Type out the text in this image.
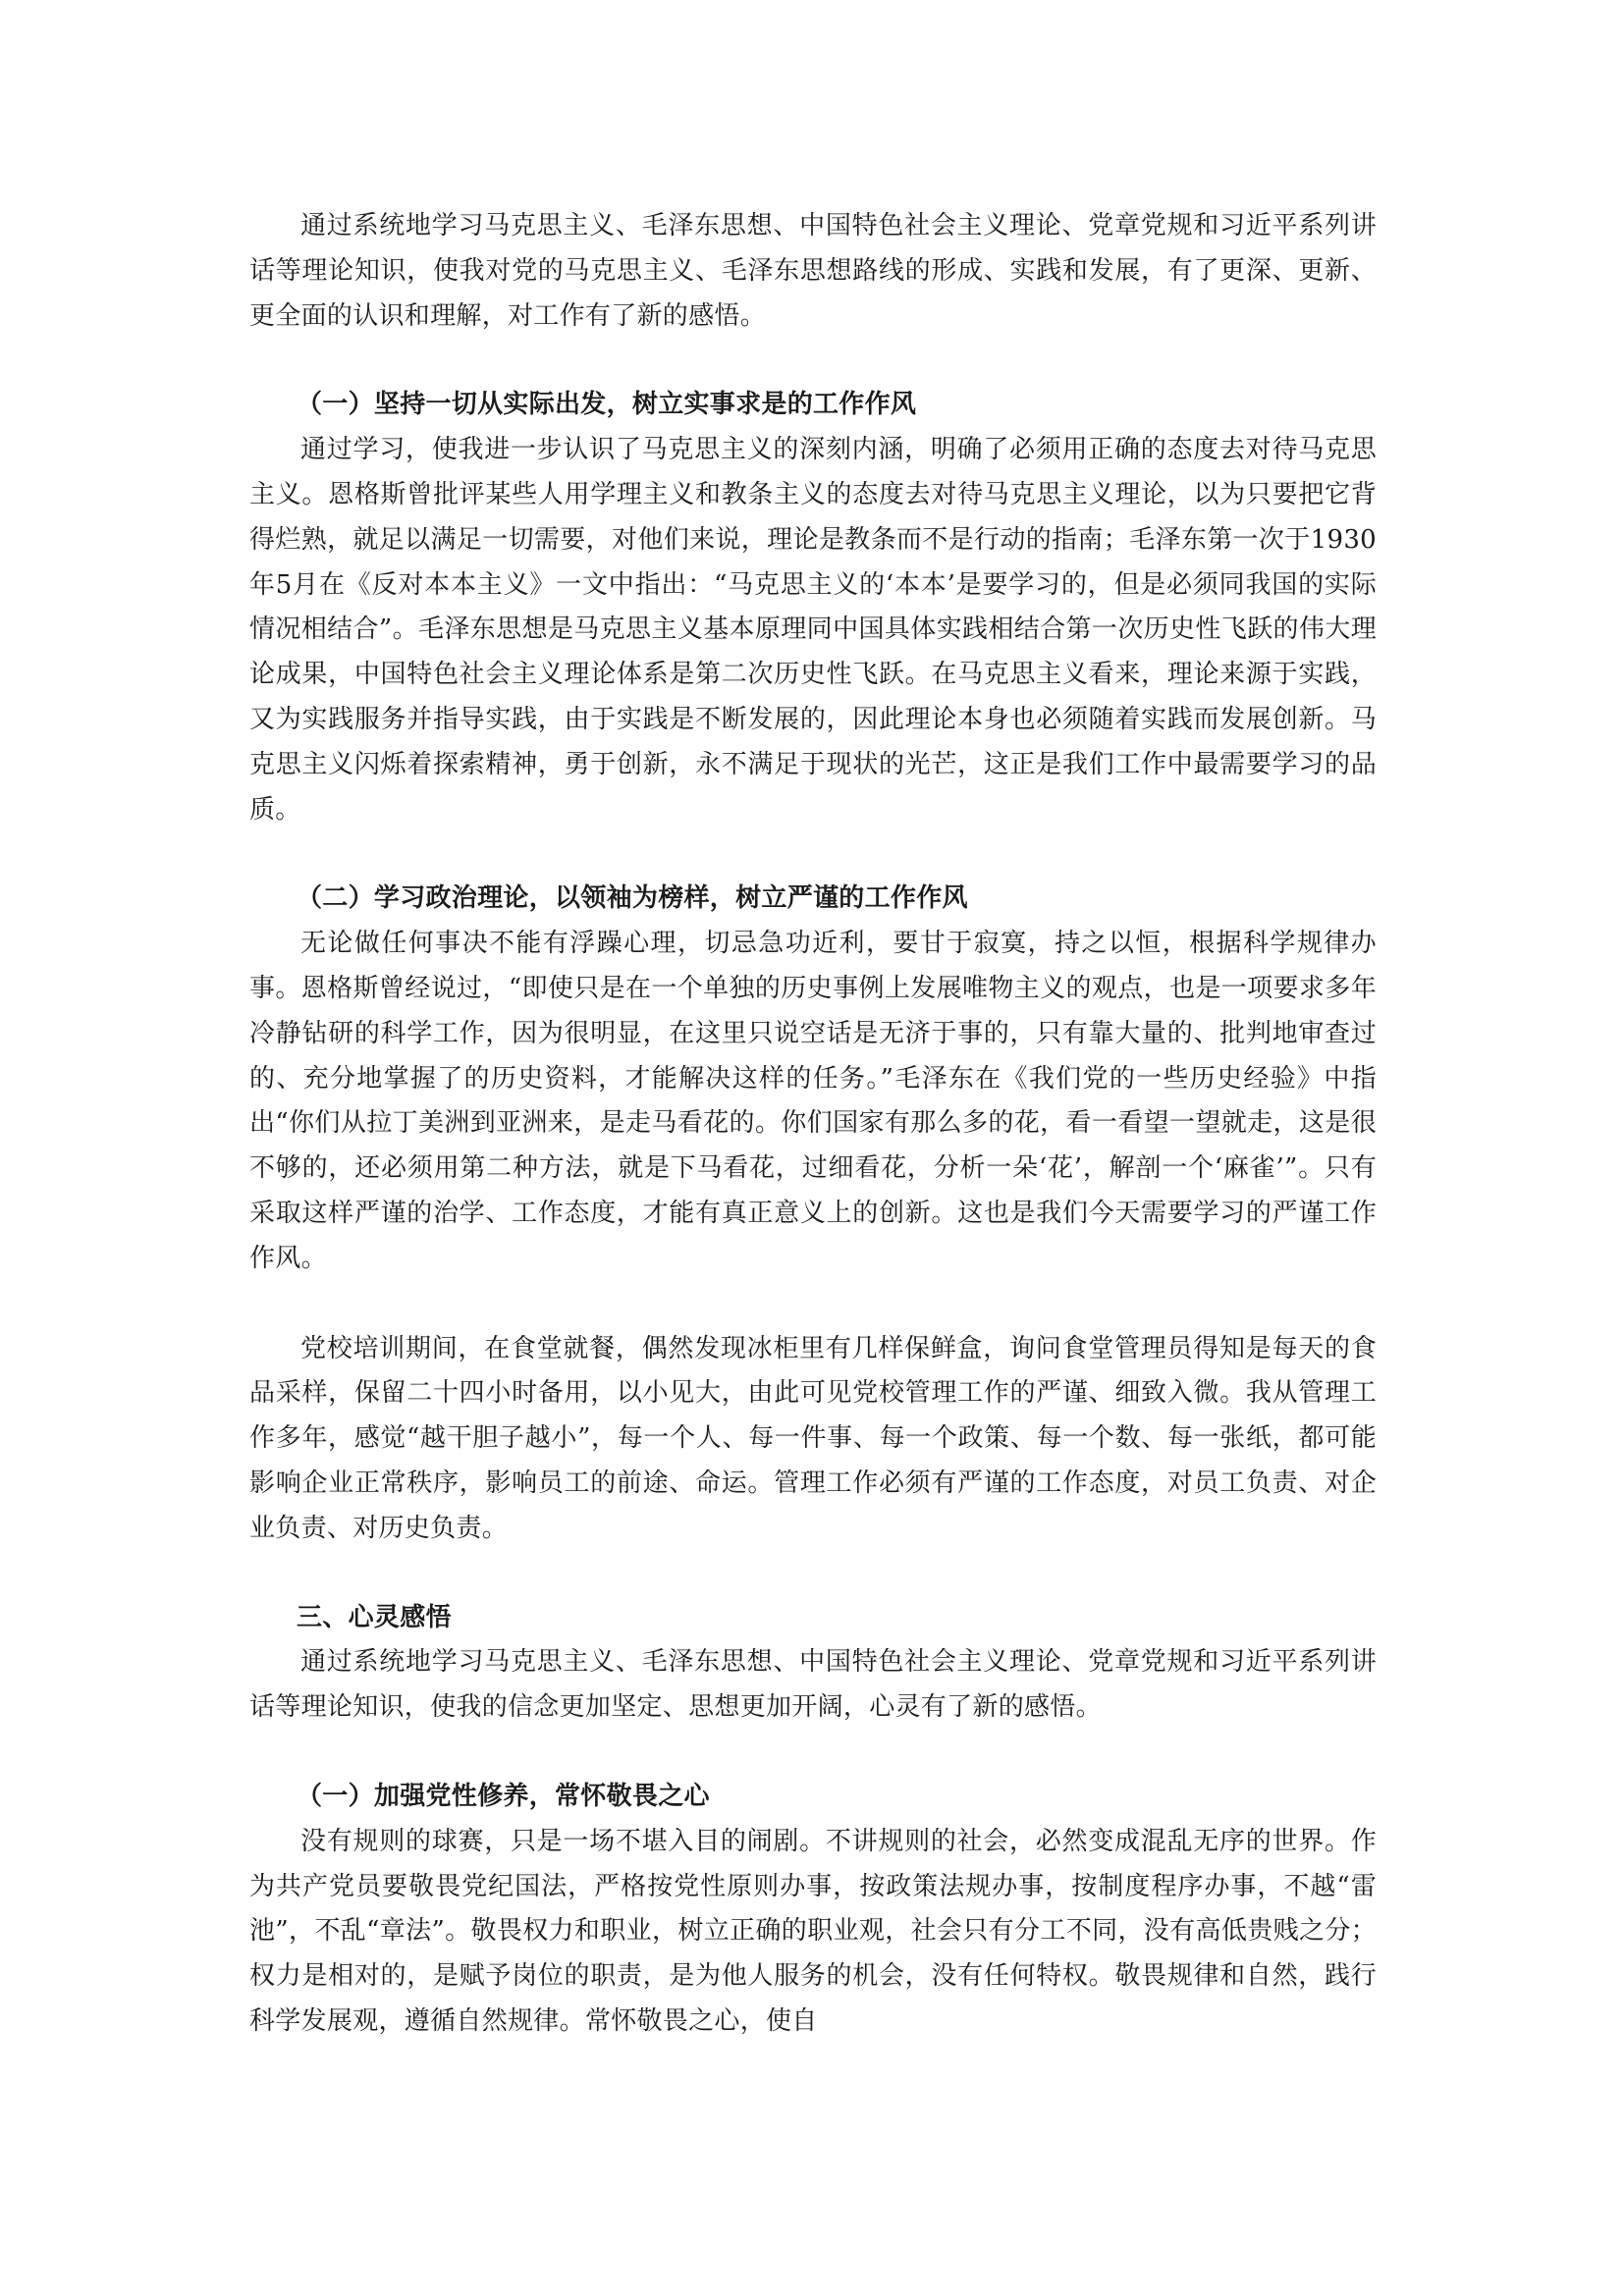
通过系统地学习马克思主义、毛泽东思想、中国特色社会主义理论、党章党规和习近平系列讲话等理论知识，使我对党的马克思主义、毛泽东思想路线的形成、实践和发展，有了更深、更新、更全面的认识和理解，对工作有了新的感悟。

（一）坚持一切从实际出发，树立实事求是的工作作风

通过学习，使我进一步认识了马克思主义的深刻内涵，明确了必须用正确的态度去对待马克思主义。恩格斯曾批评某些人用学理主义和教条主义的态度去对待马克思主义理论，以为只要把它背得烂熟，就足以满足一切需要，对他们来说，理论是教条而不是行动的指南；毛泽东第一次于1930年5月在《反对本本主义》一文中指出：“马克思主义的‘本本’是要学习的，但是必须同我国的实际情况相结合”。毛泽东思想是马克思主义基本原理同中国具体实践相结合第一次历史性飞跃的伟大理论成果，中国特色社会主义理论体系是第二次历史性飞跃。在马克思主义看来，理论来源于实践，又为实践服务并指导实践，由于实践是不断发展的，因此理论本身也必须随着实践而发展创新。马克思主义闪烁着探索精神，勇于创新，永不满足于现状的光芒，这正是我们工作中最需要学习的品质。

（二）学习政治理论，以领袖为榜样，树立严谨的工作作风

无论做任何事决不能有浮躁心理，切忌急功近利，要甘于寂寞，持之以恒，根据科学规律办事。恩格斯曾经说过，“即使只是在一个单独的历史事例上发展唯物主义的观点，也是一项要求多年冷静钻研的科学工作，因为很明显，在这里只说空话是无济于事的，只有靠大量的、批判地审查过的、充分地掌握了的历史资料，才能解决这样的任务。”毛泽东在《我们党的一些历史经验》中指出“你们从拉丁美洲到亚洲来，是走马看花的。你们国家有那么多的花，看一看望一望就走，这是很不够的，还必须用第二种方法，就是下马看花，过细看花，分析一朵‘花’，解剖一个‘麻雀’”。只有采取这样严谨的治学、工作态度，才能有真正意义上的创新。这也是我们今天需要学习的严谨工作作风。

党校培训期间，在食堂就餐，偶然发现冰柜里有几样保鲜盒，询问食堂管理员得知是每天的食品采样，保留二十四小时备用，以小见大，由此可见党校管理工作的严谨、细致入微。我从管理工作多年，感觉“越干胆子越小”，每一个人、每一件事、每一个政策、每一个数、每一张纸，都可能影响企业正常秩序，影响员工的前途、命运。管理工作必须有严谨的工作态度，对员工负责、对企业负责、对历史负责。

三、心灵感悟

通过系统地学习马克思主义、毛泽东思想、中国特色社会主义理论、党章党规和习近平系列讲话等理论知识，使我的信念更加坚定、思想更加开阔，心灵有了新的感悟。

（一）加强党性修养，常怀敬畏之心

没有规则的球赛，只是一场不堪入目的闹剧。不讲规则的社会，必然变成混乱无序的世界。作为共产党员要敬畏党纪国法，严格按党性原则办事，按政策法规办事，按制度程序办事，不越“雷池”，不乱“章法”。敬畏权力和职业，树立正确的职业观，社会只有分工不同，没有高低贵贱之分；权力是相对的，是赋予岗位的职责，是为他人服务的机会，没有任何特权。敬畏规律和自然，践行科学发展观，遵循自然规律。常怀敬畏之心，使自
